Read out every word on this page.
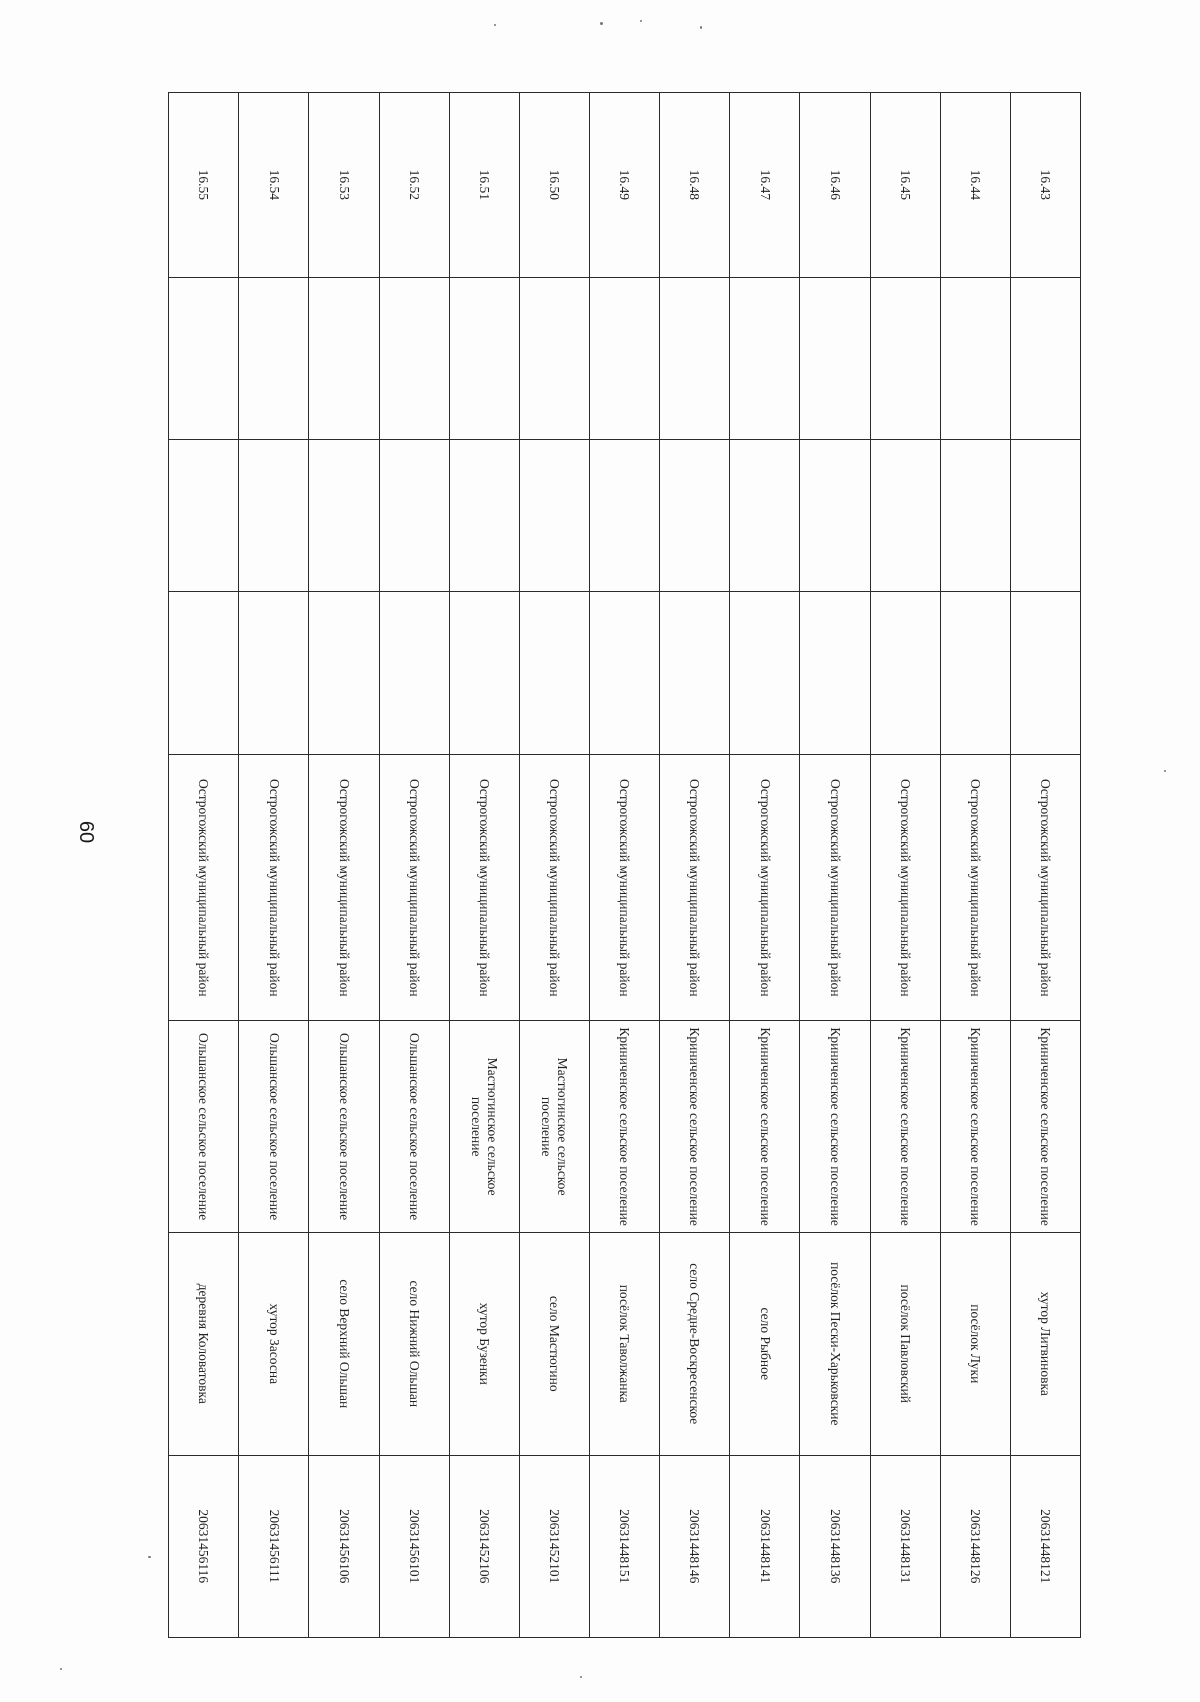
60
16.43				Острогожский муниципальный район	Криниченское сельское поселение	хутор Литвиновка	20631448121
16.44				Острогожский муниципальный район	Криниченское сельское поселение	посёлок Луки	20631448126
16.45				Острогожский муниципальный район	Криниченское сельское поселение	посёлок Павловский	20631448131
16.46				Острогожский муниципальный район	Криниченское сельское поселение	посёлок Пески-Харьковские	20631448136
16.47				Острогожский муниципальный район	Криниченское сельское поселение	село Рыбное	20631448141
16.48				Острогожский муниципальный район	Криниченское сельское поселение	село Средне-Воскресенское	20631448146
16.49				Острогожский муниципальный район	Криниченское сельское поселение	посёлок Таволжанка	20631448151
16.50				Острогожский муниципальный район	Мастюгинское сельское поселение	село Мастюгино	20631452101
16.51				Острогожский муниципальный район	Мастюгинское сельское поселение	хутор Бузенки	20631452106
16.52				Острогожский муниципальный район	Ольшанское сельское поселение	село Нижний Ольшан	20631456101
16.53				Острогожский муниципальный район	Ольшанское сельское поселение	село Верхний Ольшан	20631456106
16.54				Острогожский муниципальный район	Ольшанское сельское поселение	хутор Засосна	20631456111
16.55				Острогожский муниципальный район	Ольшанское сельское поселение	деревня Коловатовка	20631456116
